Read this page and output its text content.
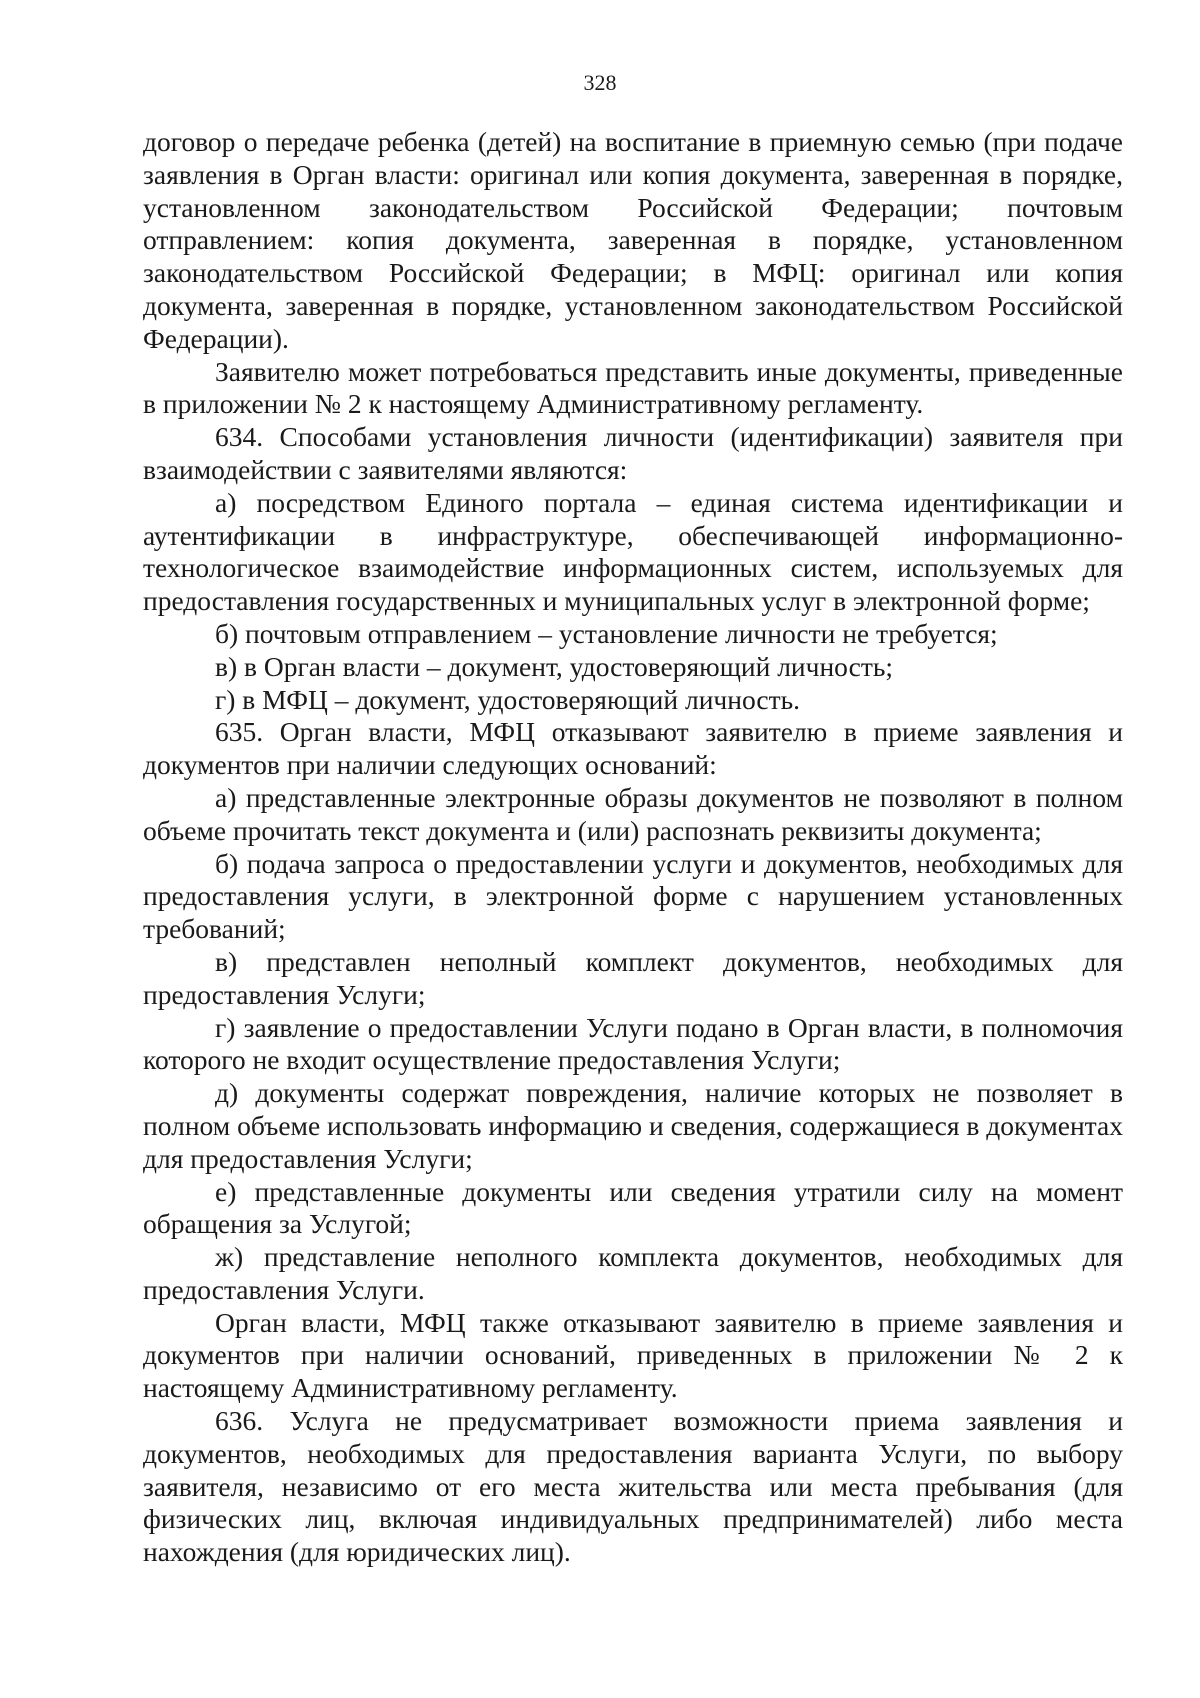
328

договор о передаче ребенка (детей) на воспитание в приемную семью (при подаче заявления в Орган власти: оригинал или копия документа, заверенная в порядке, установленном законодательством Российской Федерации; почтовым отправлением: копия документа, заверенная в порядке, установленном законодательством Российской Федерации; в МФЦ: оригинал или копия документа, заверенная в порядке, установленном законодательством Российской Федерации).

Заявителю может потребоваться представить иные документы, приведенные в приложении № 2 к настоящему Административному регламенту.

634. Способами установления личности (идентификации) заявителя при взаимодействии с заявителями являются:

а) посредством Единого портала – единая система идентификации и аутентификации в инфраструктуре, обеспечивающей информационно-технологическое взаимодействие информационных систем, используемых для предоставления государственных и муниципальных услуг в электронной форме;

б) почтовым отправлением – установление личности не требуется;

в) в Орган власти – документ, удостоверяющий личность;

г) в МФЦ – документ, удостоверяющий личность.

635. Орган власти, МФЦ отказывают заявителю в приеме заявления и документов при наличии следующих оснований:

а) представленные электронные образы документов не позволяют в полном объеме прочитать текст документа и (или) распознать реквизиты документа;

б) подача запроса о предоставлении услуги и документов, необходимых для предоставления услуги, в электронной форме с нарушением установленных требований;

в) представлен неполный комплект документов, необходимых для предоставления Услуги;

г) заявление о предоставлении Услуги подано в Орган власти, в полномочия которого не входит осуществление предоставления Услуги;

д) документы содержат повреждения, наличие которых не позволяет в полном объеме использовать информацию и сведения, содержащиеся в документах для предоставления Услуги;

е) представленные документы или сведения утратили силу на момент обращения за Услугой;

ж) представление неполного комплекта документов, необходимых для предоставления Услуги.

Орган власти, МФЦ также отказывают заявителю в приеме заявления и документов при наличии оснований, приведенных в приложении № 2 к настоящему Административному регламенту.

636. Услуга не предусматривает возможности приема заявления и документов, необходимых для предоставления варианта Услуги, по выбору заявителя, независимо от его места жительства или места пребывания (для физических лиц, включая индивидуальных предпринимателей) либо места нахождения (для юридических лиц).
